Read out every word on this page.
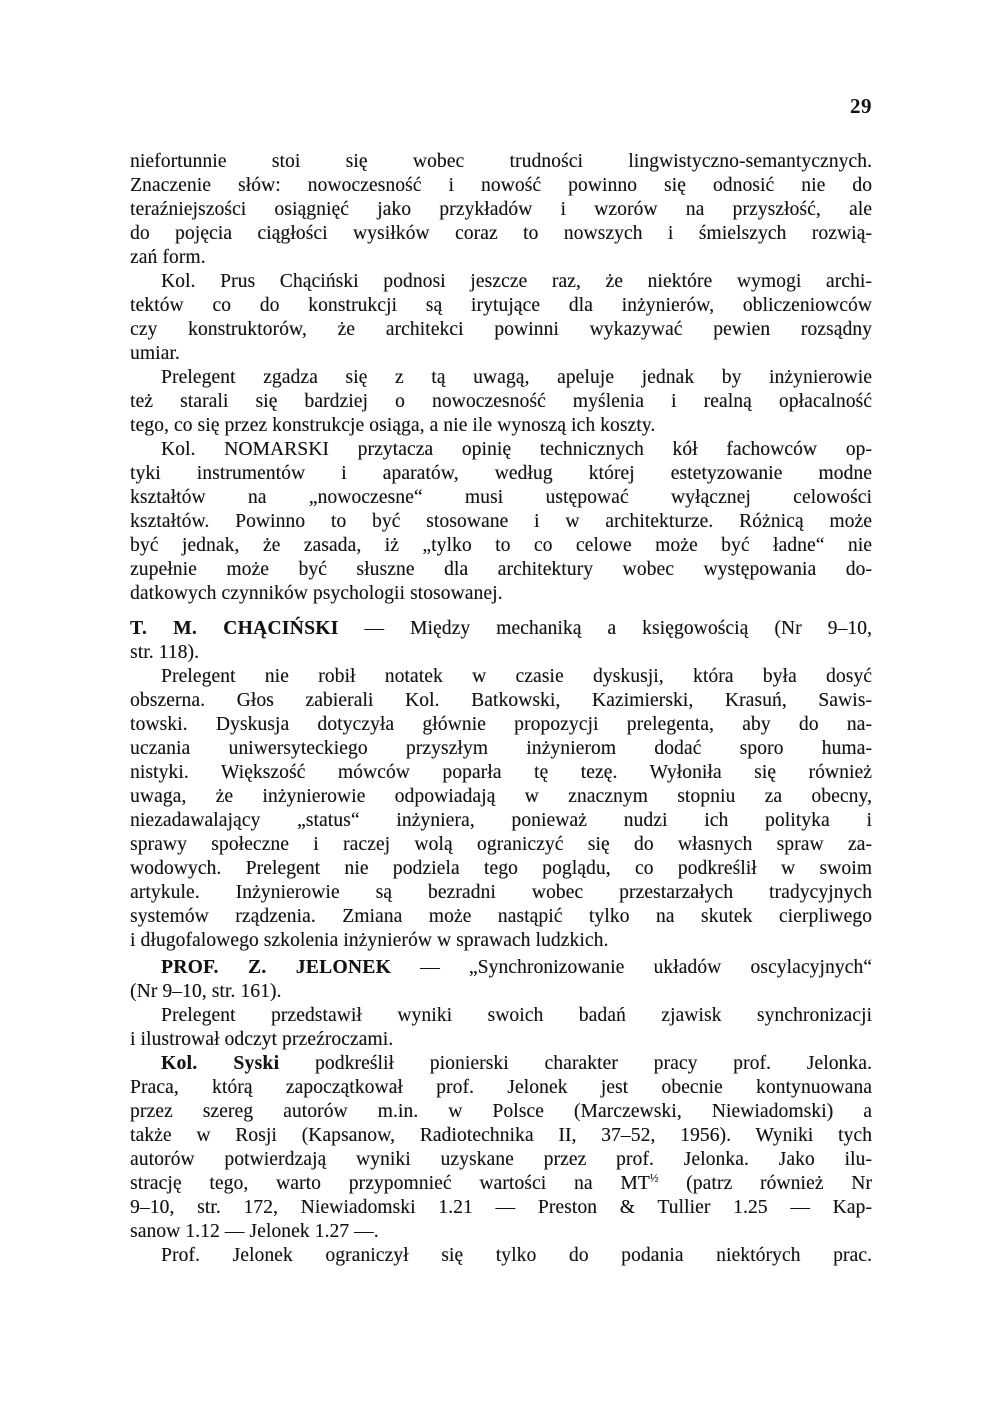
29
niefortunnie stoi się wobec trudności lingwistyczno-semantycznych.
Znaczenie słów: nowoczesność i nowość powinno się odnosić nie do
teraźniejszości osiągnięć jako przykładów i wzorów na przyszłość, ale
do pojęcia ciągłości wysiłków coraz to nowszych i śmielszych rozwią-
zań form.
Kol. Prus Chąciński podnosi jeszcze raz, że niektóre wymogi archi-
tektów co do konstrukcji są irytujące dla inżynierów, obliczeniowców
czy konstruktorów, że architekci powinni wykazywać pewien rozsądny
umiar.
Prelegent zgadza się z tą uwagą, apeluje jednak by inżynierowie
też starali się bardziej o nowoczesność myślenia i realną opłacalność
tego, co się przez konstrukcje osiąga, a nie ile wynoszą ich koszty.
Kol. NOMARSKI przytacza opinię technicznych kół fachowców op-
tyki instrumentów i aparatów, według której estetyzowanie modne
kształtów na „nowoczesne“ musi ustępować wyłącznej celowości
kształtów. Powinno to być stosowane i w architekturze. Różnicą może
być jednak, że zasada, iż „tylko to co celowe może być ładne“ nie
zupełnie może być słuszne dla architektury wobec występowania do-
datkowych czynników psychologii stosowanej.
T. M. CHĄCIŃSKI — Między mechaniką a księgowością (Nr 9–10,
str. 118).
Prelegent nie robił notatek w czasie dyskusji, która była dosyć
obszerna. Głos zabierali Kol. Batkowski, Kazimierski, Krasuń, Sawis-
towski. Dyskusja dotyczyła głównie propozycji prelegenta, aby do na-
uczania uniwersyteckiego przyszłym inżynierom dodać sporo huma-
nistyki. Większość mówców poparła tę tezę. Wyłoniła się również
uwaga, że inżynierowie odpowiadają w znacznym stopniu za obecny,
niezadawalający „status“ inżyniera, ponieważ nudzi ich polityka i
sprawy społeczne i raczej wolą ograniczyć się do własnych spraw za-
wodowych. Prelegent nie podziela tego poglądu, co podkreślił w swoim
artykule. Inżynierowie są bezradni wobec przestarzałych tradycyjnych
systemów rządzenia. Zmiana może nastąpić tylko na skutek cierpliwego
i długofalowego szkolenia inżynierów w sprawach ludzkich.
PROF. Z. JELONEK — „Synchronizowanie układów oscylacyjnych“
(Nr 9–10, str. 161).
Prelegent przedstawił wyniki swoich badań zjawisk synchronizacji
i ilustrował odczyt przeźroczami.
Kol. Syski podkreślił pionierski charakter pracy prof. Jelonka.
Praca, którą zapoczątkował prof. Jelonek jest obecnie kontynuowana
przez szereg autorów m.in. w Polsce (Marczewski, Niewiadomski) a
także w Rosji (Kapsanow, Radiotechnika II, 37–52, 1956). Wyniki tych
autorów potwierdzają wyniki uzyskane przez prof. Jelonka. Jako ilu-
strację tego, warto przypomnieć wartości na $MT^{\frac{1}{2}}$ (patrz również Nr
9–10, str. 172, Niewiadomski 1.21 — Preston & Tullier 1.25 — Kap-
sanow 1.12 — Jelonek 1.27 —.
Prof. Jelonek ograniczył się tylko do podania niektórych prac.
